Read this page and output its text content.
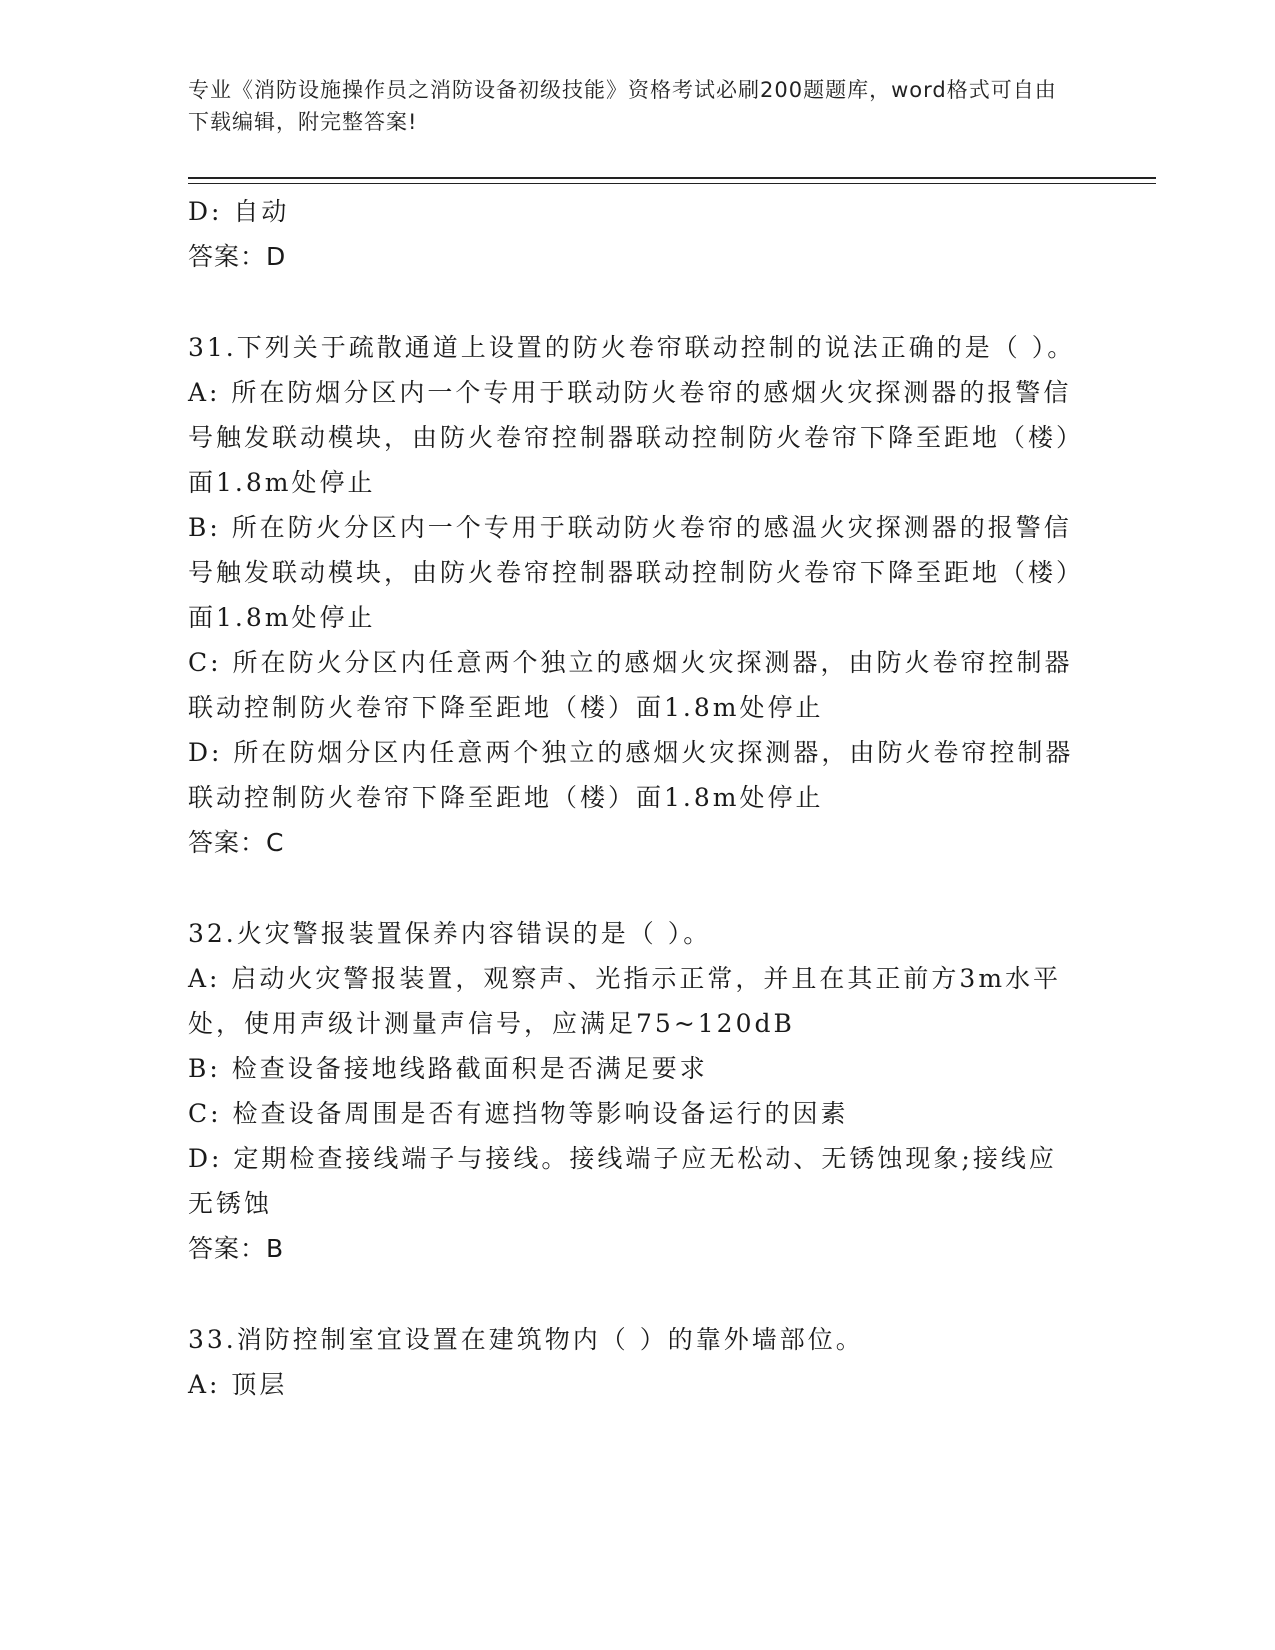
专业《消防设施操作员之消防设备初级技能》资格考试必刷200题题库，word格式可自由下载编辑，附完整答案!
D: 自动
答案：D
31.下列关于疏散通道上设置的防火卷帘联动控制的说法正确的是（ ）。
A: 所在防烟分区内一个专用于联动防火卷帘的感烟火灾探测器的报警信号触发联动模块，由防火卷帘控制器联动控制防火卷帘下降至距地（楼）面1.8m处停止
B: 所在防火分区内一个专用于联动防火卷帘的感温火灾探测器的报警信号触发联动模块，由防火卷帘控制器联动控制防火卷帘下降至距地（楼）面1.8m处停止
C: 所在防火分区内任意两个独立的感烟火灾探测器，由防火卷帘控制器联动控制防火卷帘下降至距地（楼）面1.8m处停止
D: 所在防烟分区内任意两个独立的感烟火灾探测器，由防火卷帘控制器联动控制防火卷帘下降至距地（楼）面1.8m处停止
答案：C
32.火灾警报装置保养内容错误的是（ ）。
A: 启动火灾警报装置，观察声、光指示正常，并且在其正前方3m水平处，使用声级计测量声信号，应满足75~120dB
B: 检查设备接地线路截面积是否满足要求
C: 检查设备周围是否有遮挡物等影响设备运行的因素
D: 定期检查接线端子与接线。接线端子应无松动、无锈蚀现象;接线应无锈蚀
答案：B
33.消防控制室宜设置在建筑物内（ ）的靠外墙部位。
A: 顶层
